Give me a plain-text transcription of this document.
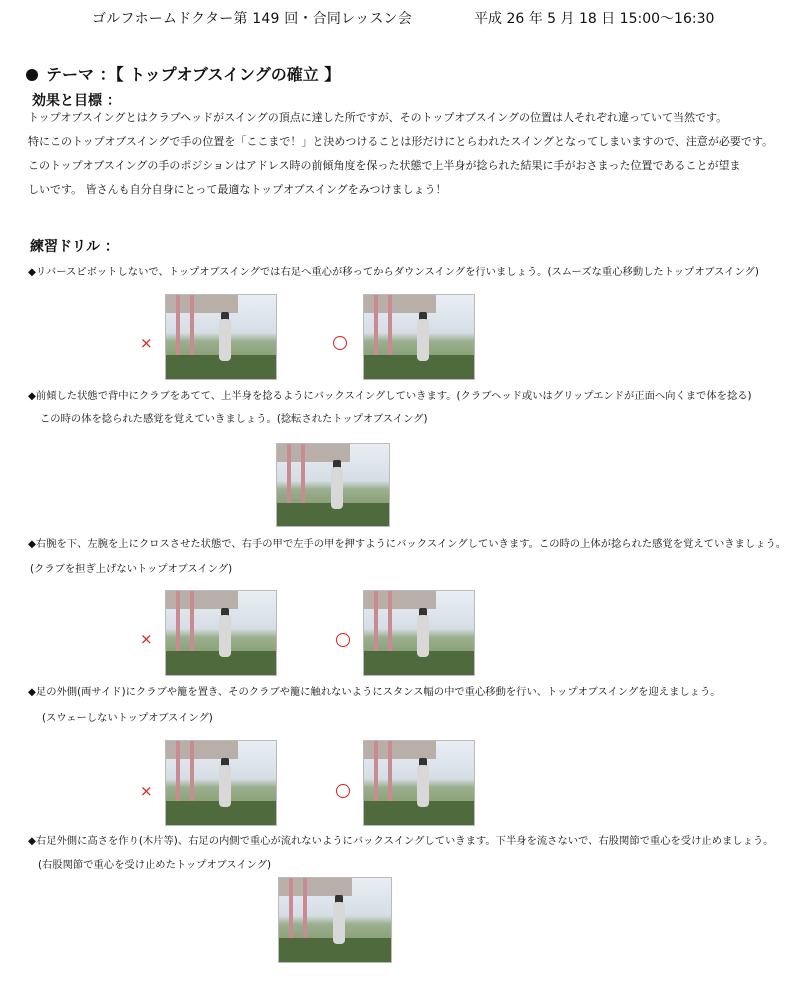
ゴルフホームドクター第 149 回・合同レッスン会	平成 26 年 5 月 18 日 15:00～16:30
テーマ ：【 トップオブスイングの確立 】
効果と目標 ：
トップオブスイングとはクラブヘッドがスイングの頂点に達した所ですが、そのトップオブスイングの位置は人それぞれ違っていて当然です。
特にこのトップオブスイングで手の位置を「ここまで！」と決めつけることは形だけにとらわれたスイングとなってしまいますので、注意が必要です。
このトップオブスイングの手のポジションはアドレス時の前傾角度を保った状態で上半身が捻られた結果に手がおさまった位置であることが望ま
しいです。 皆さんも自分自身にとって最適なトップオブスイングをみつけましょう！
練習ドリル ：
◆リバースピボットしないで、トップオブスイングでは右足へ重心が移ってからダウンスイングを行いましょう。(スムーズな重心移動したトップオブスイング)
×
◆前傾した状態で背中にクラブをあてて、上半身を捻るようにバックスイングしていきます。(クラブヘッド或いはグリップエンドが正面へ向くまで体を捻る)
この時の体を捻られた感覚を覚えていきましょう。(捻転されたトップオブスイング)
◆右腕を下、左腕を上にクロスさせた状態で、右手の甲で左手の甲を押すようにバックスイングしていきます。この時の上体が捻られた感覚を覚えていきましょう。
(クラブを担ぎ上げないトップオブスイング)
×
◆足の外側(両サイド)にクラブや籠を置き、そのクラブや籠に触れないようにスタンス幅の中で重心移動を行い、トップオブスイングを迎えましょう。
(スウェーしないトップオブスイング)
×
◆右足外側に高さを作り(木片等)、右足の内側で重心が流れないようにバックスイングしていきます。下半身を流さないで、右股関節で重心を受け止めましょう。
(右股関節で重心を受け止めたトップオブスイング)
